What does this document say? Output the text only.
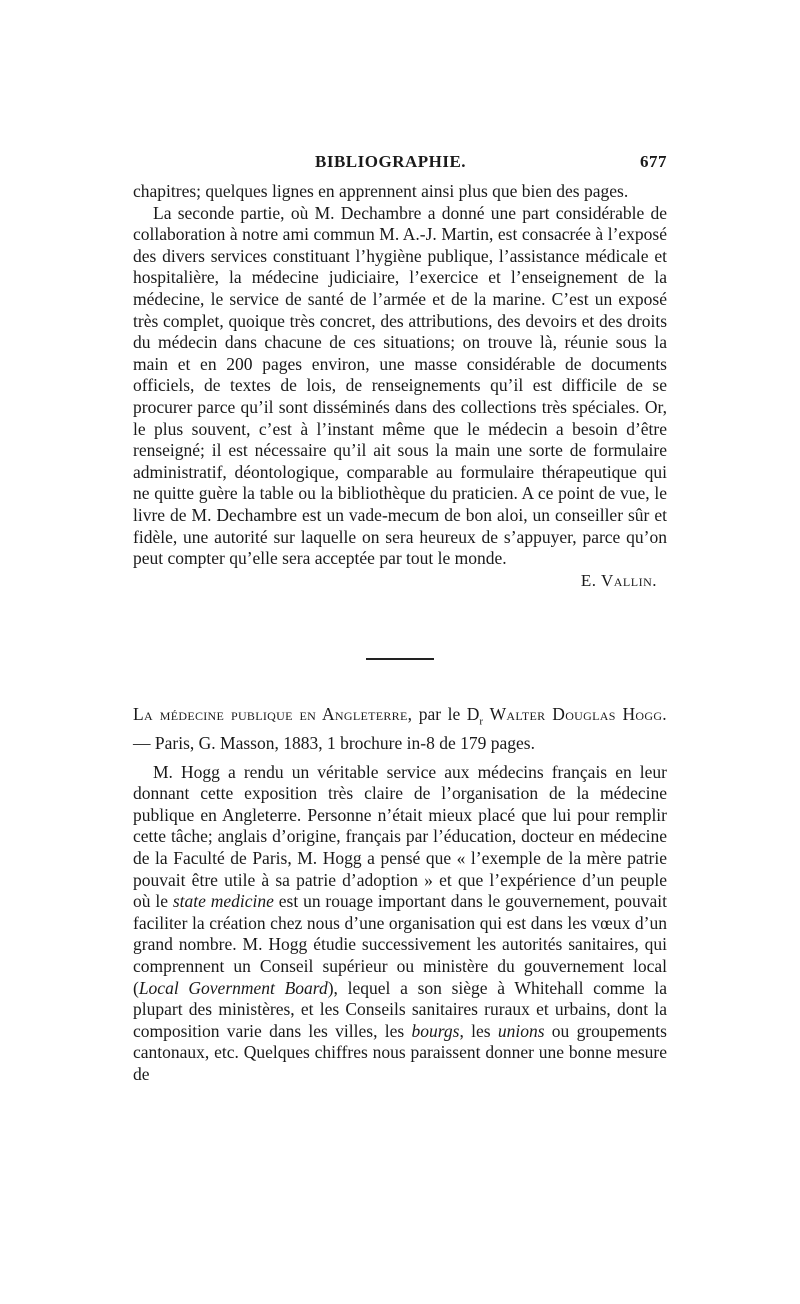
BIBLIOGRAPHIE.	677

chapitres; quelques lignes en apprennent ainsi plus que bien des pages.

La seconde partie, où M. Dechambre a donné une part considérable de collaboration à notre ami commun M. A.-J. Martin, est consacrée à l’exposé des divers services constituant l’hygiène publique, l’assistance médicale et hospitalière, la médecine judiciaire, l’exercice et l’enseignement de la médecine, le service de santé de l’armée et de la marine. C’est un exposé très complet, quoique très concret, des attributions, des devoirs et des droits du médecin dans chacune de ces situations; on trouve là, réunie sous la main et en 200 pages environ, une masse considérable de documents officiels, de textes de lois, de renseignements qu’il est difficile de se procurer parce qu’il sont disséminés dans des collections très spéciales. Or, le plus souvent, c’est à l’instant même que le médecin a besoin d’être renseigné; il est nécessaire qu’il ait sous la main une sorte de formulaire administratif, déontologique, comparable au formulaire thérapeutique qui ne quitte guère la table ou la bibliothèque du praticien. A ce point de vue, le livre de M. Dechambre est un vade-mecum de bon aloi, un conseiller sûr et fidèle, une autorité sur laquelle on sera heureux de s’appuyer, parce qu’on peut compter qu’elle sera acceptée par tout le monde.

E. Vallin.

La médecine publique en Angleterre, par le $D_r$ Walter Douglas Hogg. — Paris, G. Masson, 1883, 1 brochure in-8 de 179 pages.

M. Hogg a rendu un véritable service aux médecins français en leur donnant cette exposition très claire de l’organisation de la médecine publique en Angleterre. Personne n’était mieux placé que lui pour remplir cette tâche; anglais d’origine, français par l’éducation, docteur en médecine de la Faculté de Paris, M. Hogg a pensé que « l’exemple de la mère patrie pouvait être utile à sa patrie d’adoption » et que l’expérience d’un peuple où le state medicine est un rouage important dans le gouvernement, pouvait faciliter la création chez nous d’une organisation qui est dans les vœux d’un grand nombre. M. Hogg étudie successivement les autorités sanitaires, qui comprennent un Conseil supérieur ou ministère du gouvernement local (Local Government Board), lequel a son siège à Whitehall comme la plupart des ministères, et les Conseils sanitaires ruraux et urbains, dont la composition varie dans les villes, les bourgs, les unions ou groupements cantonaux, etc. Quelques chiffres nous paraissent donner une bonne mesure de
